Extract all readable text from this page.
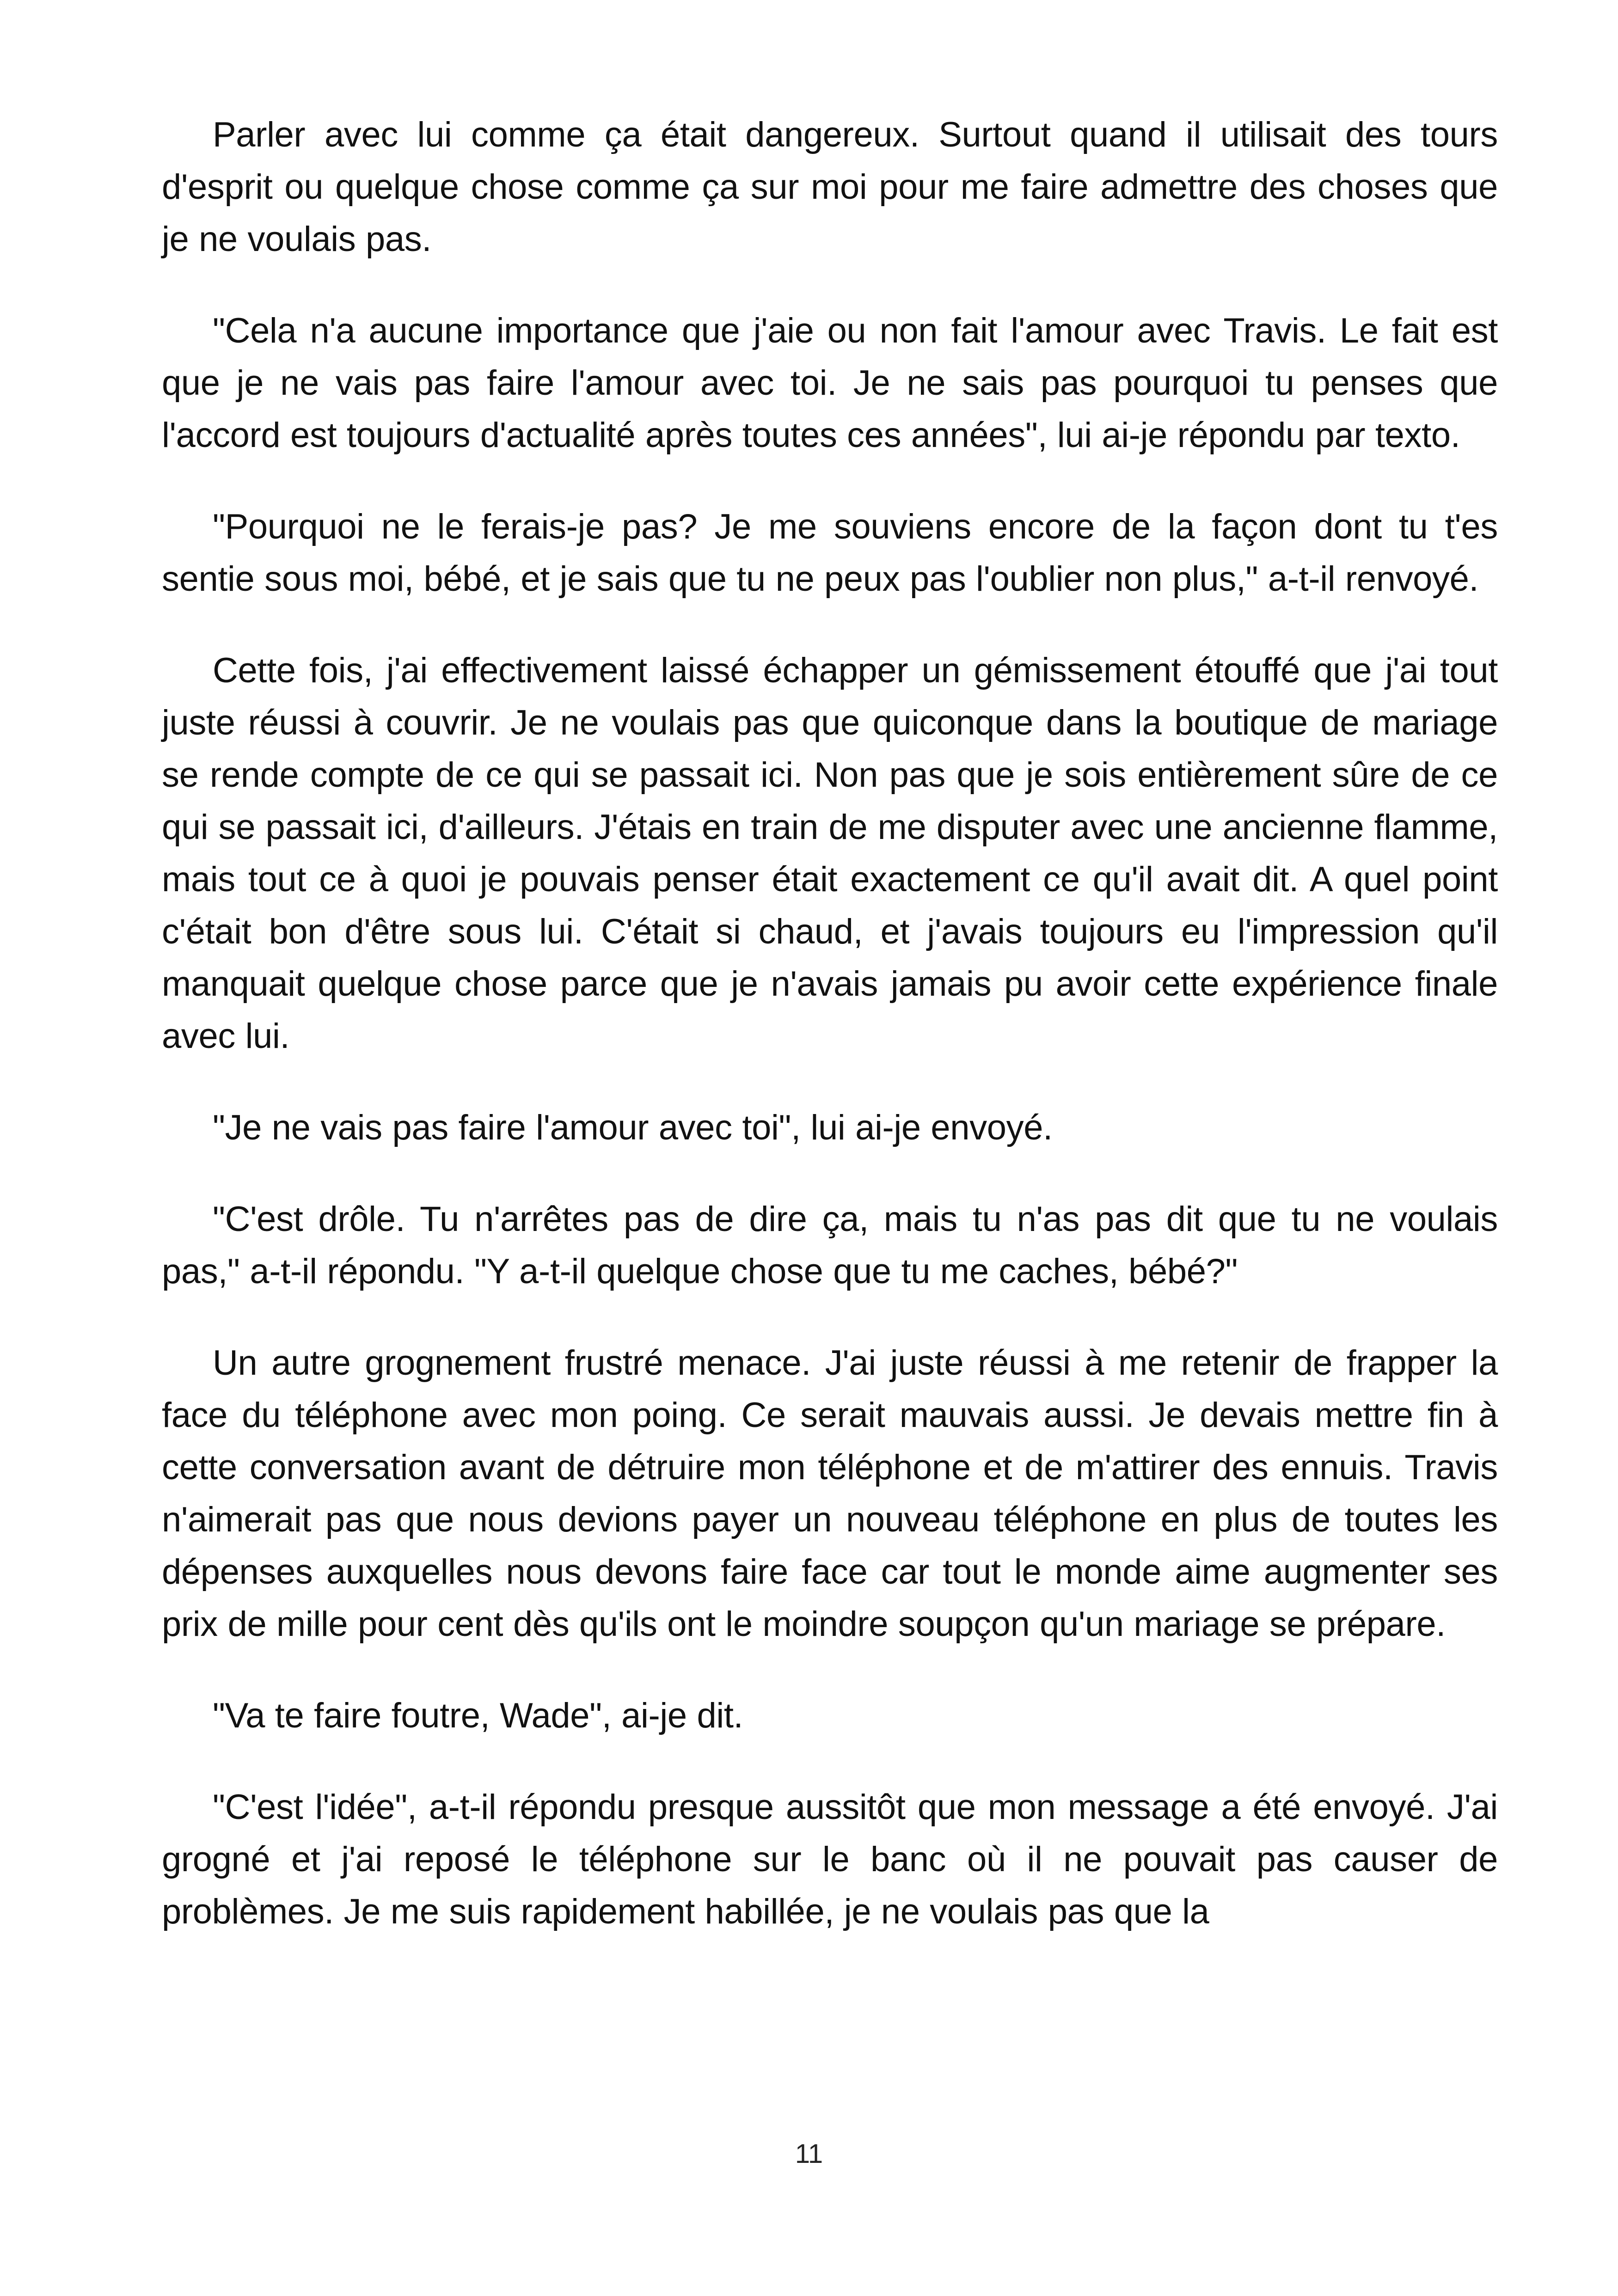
Parler avec lui comme ça était dangereux. Surtout quand il utilisait des tours d'esprit ou quelque chose comme ça sur moi pour me faire admettre des choses que je ne voulais pas.

"Cela n'a aucune importance que j'aie ou non fait l'amour avec Travis. Le fait est que je ne vais pas faire l'amour avec toi. Je ne sais pas pourquoi tu penses que l'accord est toujours d'actualité après toutes ces années", lui ai-je répondu par texto.

"Pourquoi ne le ferais-je pas? Je me souviens encore de la façon dont tu t'es sentie sous moi, bébé, et je sais que tu ne peux pas l'oublier non plus," a-t-il renvoyé.

Cette fois, j'ai effectivement laissé échapper un gémissement étouffé que j'ai tout juste réussi à couvrir. Je ne voulais pas que quiconque dans la boutique de mariage se rende compte de ce qui se passait ici. Non pas que je sois entièrement sûre de ce qui se passait ici, d'ailleurs. J'étais en train de me disputer avec une ancienne flamme, mais tout ce à quoi je pouvais penser était exactement ce qu'il avait dit. A quel point c'était bon d'être sous lui. C'était si chaud, et j'avais toujours eu l'impression qu'il manquait quelque chose parce que je n'avais jamais pu avoir cette expérience finale avec lui.

"Je ne vais pas faire l'amour avec toi", lui ai-je envoyé.

"C'est drôle. Tu n'arrêtes pas de dire ça, mais tu n'as pas dit que tu ne voulais pas," a-t-il répondu. "Y a-t-il quelque chose que tu me caches, bébé?"

Un autre grognement frustré menace. J'ai juste réussi à me retenir de frapper la face du téléphone avec mon poing. Ce serait mauvais aussi. Je devais mettre fin à cette conversation avant de détruire mon téléphone et de m'attirer des ennuis. Travis n'aimerait pas que nous devions payer un nouveau téléphone en plus de toutes les dépenses auxquelles nous devons faire face car tout le monde aime augmenter ses prix de mille pour cent dès qu'ils ont le moindre soupçon qu'un mariage se prépare.

"Va te faire foutre, Wade", ai-je dit.

"C'est l'idée", a-t-il répondu presque aussitôt que mon message a été envoyé. J'ai grogné et j'ai reposé le téléphone sur le banc où il ne pouvait pas causer de problèmes. Je me suis rapidement habillée, je ne voulais pas que la

11
